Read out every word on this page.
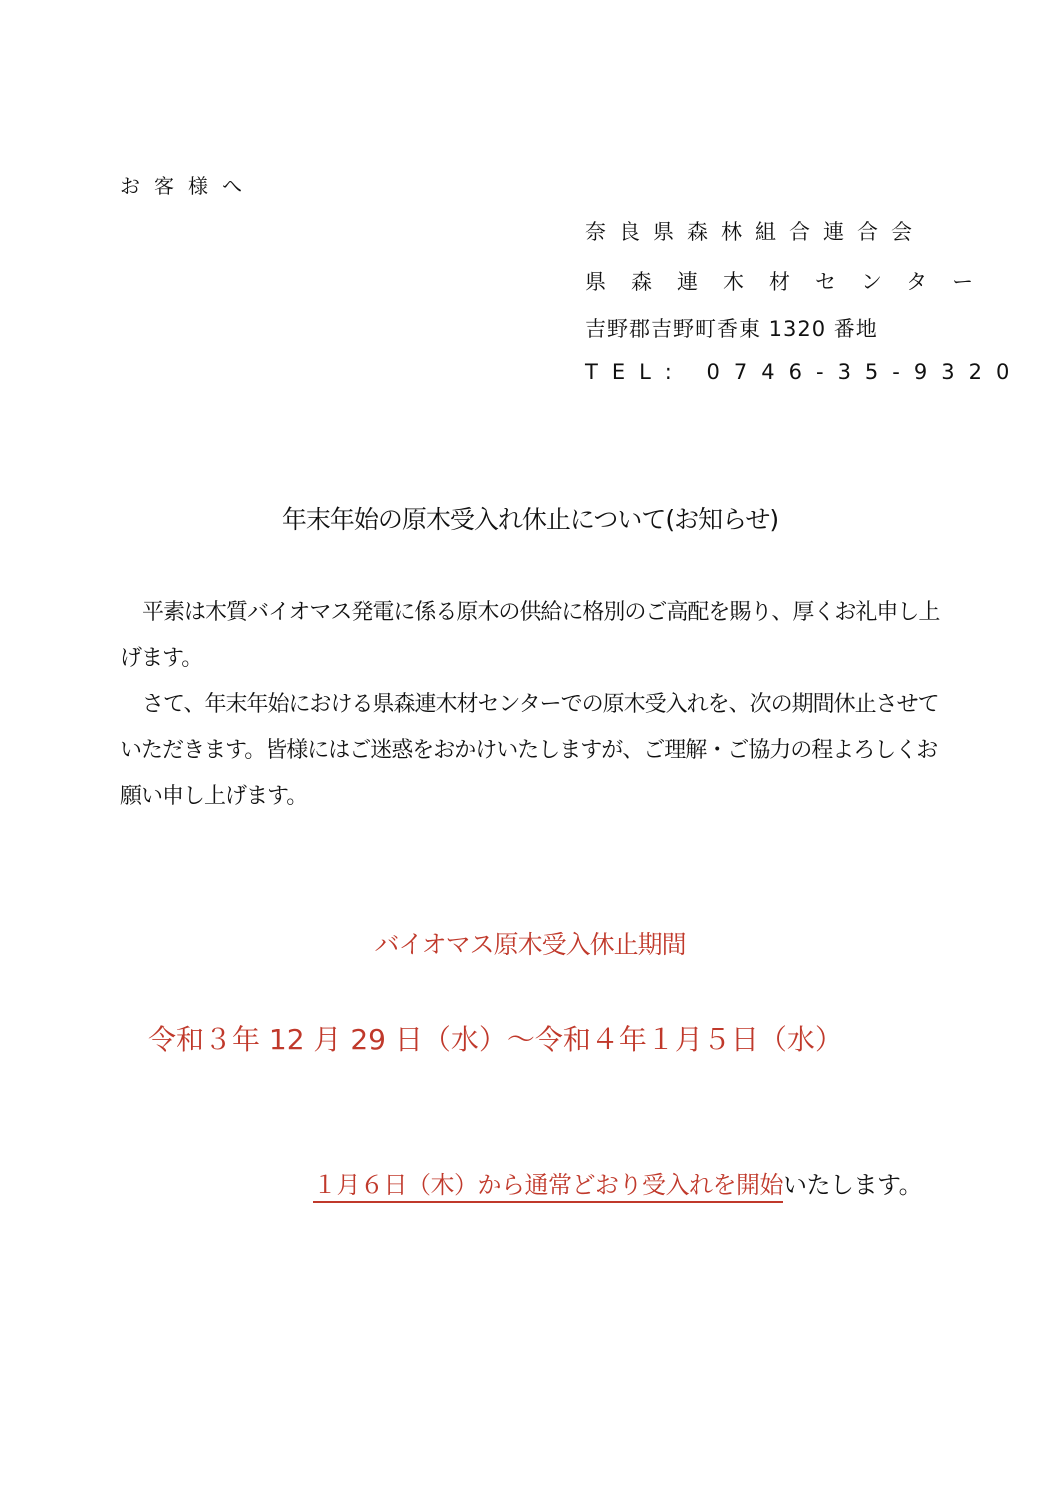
お客様へ
奈良県森林組合連合会
県森連木材センター
吉野郡吉野町香東 1320 番地
TEL: 0746-35-9320
年末年始の原木受入れ休止について(お知らせ)

平素は木質バイオマス発電に係る原木の供給に格別のご高配を賜り、厚くお礼申し上げます。

さて、年末年始における県森連木材センターでの原木受入れを、次の期間休止させていただきます。皆様にはご迷惑をおかけいたしますが、ご理解・ご協力の程よろしくお願い申し上げます。

バイオマス原木受入休止期間
令和３年 12 月 29 日（水）～令和４年１月５日（水）
１月６日（木）から通常どおり受入れを開始いたします。
